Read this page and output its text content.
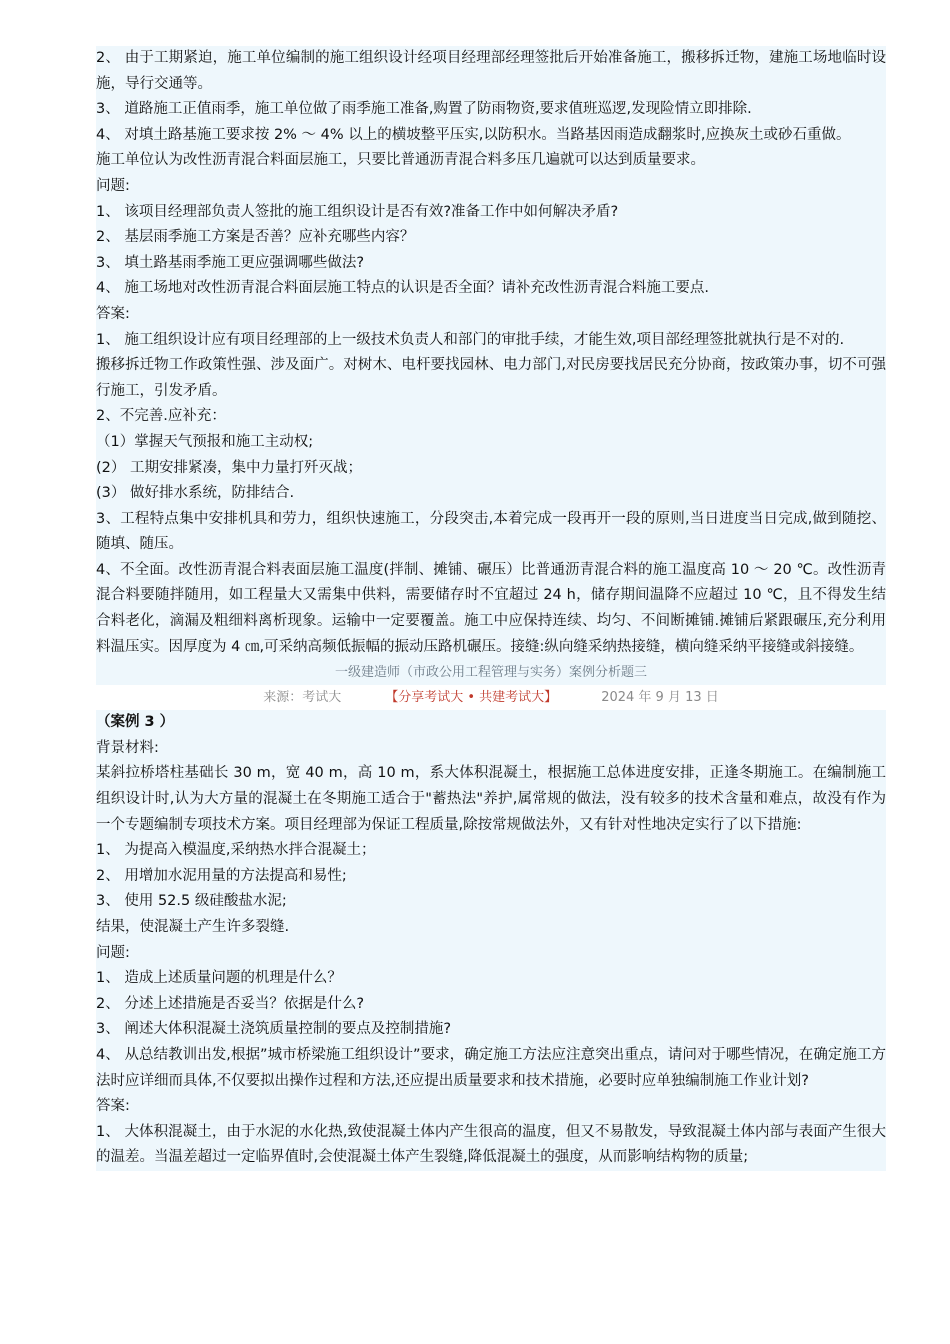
2、 由于工期紧迫，施工单位编制的施工组织设计经项目经理部经理签批后开始准备施工，搬移拆迁物，建施工场地临时设施，导行交通等。

3、 道路施工正值雨季，施工单位做了雨季施工准备,购置了防雨物资,要求值班巡逻,发现险情立即排除.

4、 对填土路基施工要求按 2% ～ 4% 以上的横坡整平压实,以防积水。当路基因雨造成翻浆时,应换灰土或砂石重做。

施工单位认为改性沥青混合料面层施工，只要比普通沥青混合料多压几遍就可以达到质量要求。

问题:

1、 该项目经理部负责人签批的施工组织设计是否有效?准备工作中如何解决矛盾?

2、 基层雨季施工方案是否善？应补充哪些内容？

3、 填土路基雨季施工更应强调哪些做法?

4、 施工场地对改性沥青混合料面层施工特点的认识是否全面？请补充改性沥青混合料施工要点.

答案:

1、 施工组织设计应有项目经理部的上一级技术负责人和部门的审批手续，才能生效,项目部经理签批就执行是不对的.

搬移拆迁物工作政策性强、涉及面广。对树木、电杆要找园林、电力部门,对民房要找居民充分协商，按政策办事，切不可强行施工，引发矛盾。

2、不完善.应补充：

（1）掌握天气预报和施工主动权;

(2） 工期安排紧凑，集中力量打歼灭战；

(3） 做好排水系统，防排结合.

3、工程特点集中安排机具和劳力，组织快速施工，分段突击,本着完成一段再开一段的原则,当日进度当日完成,做到随挖、随填、随压。

4、不全面。改性沥青混合料表面层施工温度(拌制、摊铺、碾压）比普通沥青混合料的施工温度高 10 ～ 20 ℃。改性沥青混合料要随拌随用，如工程量大又需集中供料，需要储存时不宜超过 24 h，储存期间温降不应超过 10 ℃，且不得发生结合料老化，滴漏及粗细料离析现象。运输中一定要覆盖。施工中应保持连续、均匀、不间断摊铺.摊铺后紧跟碾压,充分利用料温压实。因厚度为 4 ㎝,可采纳高频低振幅的振动压路机碾压。接缝:纵向缝采纳热接缝，横向缝采纳平接缝或斜接缝。

一级建造师（市政公用工程管理与实务）案例分析题三

来源：考试大	【分享考试大 • 共建考试大】	2024 年 9 月 13 日

（案例 3 ）

背景材料:

某斜拉桥塔柱基础长 30 m，宽 40 m，高 10 m，系大体积混凝土，根据施工总体进度安排，正逢冬期施工。在编制施工组织设计时,认为大方量的混凝土在冬期施工适合于"蓄热法"养护,属常规的做法，没有较多的技术含量和难点，故没有作为一个专题编制专项技术方案。项目经理部为保证工程质量,除按常规做法外，又有针对性地决定实行了以下措施:

1、 为提高入模温度,采纳热水拌合混凝土；

2、 用增加水泥用量的方法提高和易性;

3、 使用 52.5 级硅酸盐水泥;

结果，使混凝土产生许多裂缝.

问题:

1、 造成上述质量问题的机理是什么？

2、 分述上述措施是否妥当？依据是什么?

3、 阐述大体积混凝土浇筑质量控制的要点及控制措施?

4、 从总结教训出发,根据”城市桥梁施工组织设计”要求，确定施工方法应注意突出重点，请问对于哪些情况，在确定施工方法时应详细而具体,不仅要拟出操作过程和方法,还应提出质量要求和技术措施，必要时应单独编制施工作业计划?

答案:

1、 大体积混凝土，由于水泥的水化热,致使混凝土体内产生很高的温度，但又不易散发，导致混凝土体内部与表面产生很大的温差。当温差超过一定临界值时,会使混凝土体产生裂缝,降低混凝土的强度，从而影响结构物的质量;
